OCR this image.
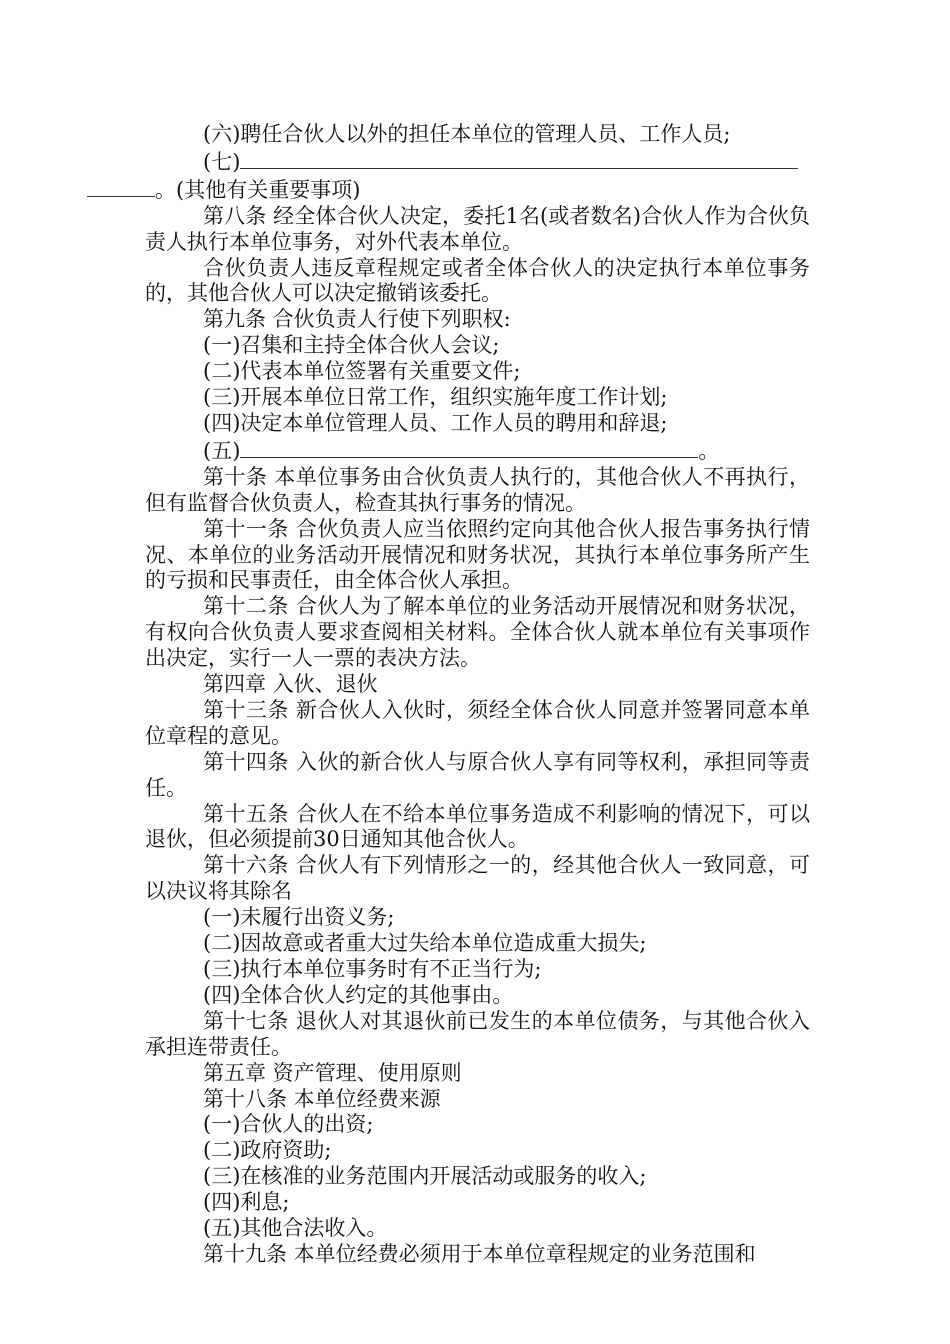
(六)聘任合伙人以外的担任本单位的管理人员、工作人员;

(七)
。(其他有关重要事项)

第八条 经全体合伙人决定，委托1名(或者数名)合伙人作为合伙负责人执行本单位事务，对外代表本单位。

合伙负责人违反章程规定或者全体合伙人的决定执行本单位事务的，其他合伙人可以决定撤销该委托。

第九条 合伙负责人行使下列职权:

(一)召集和主持全体合伙人会议;

(二)代表本单位签署有关重要文件;

(三)开展本单位日常工作，组织实施年度工作计划;

(四)决定本单位管理人员、工作人员的聘用和辞退;

(五)	。

第十条 本单位事务由合伙负责人执行的，其他合伙人不再执行，但有监督合伙负责人，检查其执行事务的情况。

第十一条 合伙负责人应当依照约定向其他合伙人报告事务执行情况、本单位的业务活动开展情况和财务状况，其执行本单位事务所产生的亏损和民事责任，由全体合伙人承担。

第十二条 合伙人为了解本单位的业务活动开展情况和财务状况，有权向合伙负责人要求查阅相关材料。全体合伙人就本单位有关事项作出决定，实行一人一票的表决方法。

第四章 入伙、退伙

第十三条 新合伙人入伙时，须经全体合伙人同意并签署同意本单位章程的意见。

第十四条 入伙的新合伙人与原合伙人享有同等权利，承担同等责任。

第十五条 合伙人在不给本单位事务造成不利影响的情况下，可以退伙，但必须提前30日通知其他合伙人。

第十六条 合伙人有下列情形之一的，经其他合伙人一致同意，可以决议将其除名

(一)未履行出资义务;

(二)因故意或者重大过失给本单位造成重大损失;

(三)执行本单位事务时有不正当行为;

(四)全体合伙人约定的其他事由。

第十七条 退伙人对其退伙前已发生的本单位债务，与其他合伙入承担连带责任。

第五章 资产管理、使用原则

第十八条 本单位经费来源

(一)合伙人的出资;

(二)政府资助;

(三)在核准的业务范围内开展活动或服务的收入;

(四)利息;

(五)其他合法收入。

第十九条 本单位经费必须用于本单位章程规定的业务范围和
